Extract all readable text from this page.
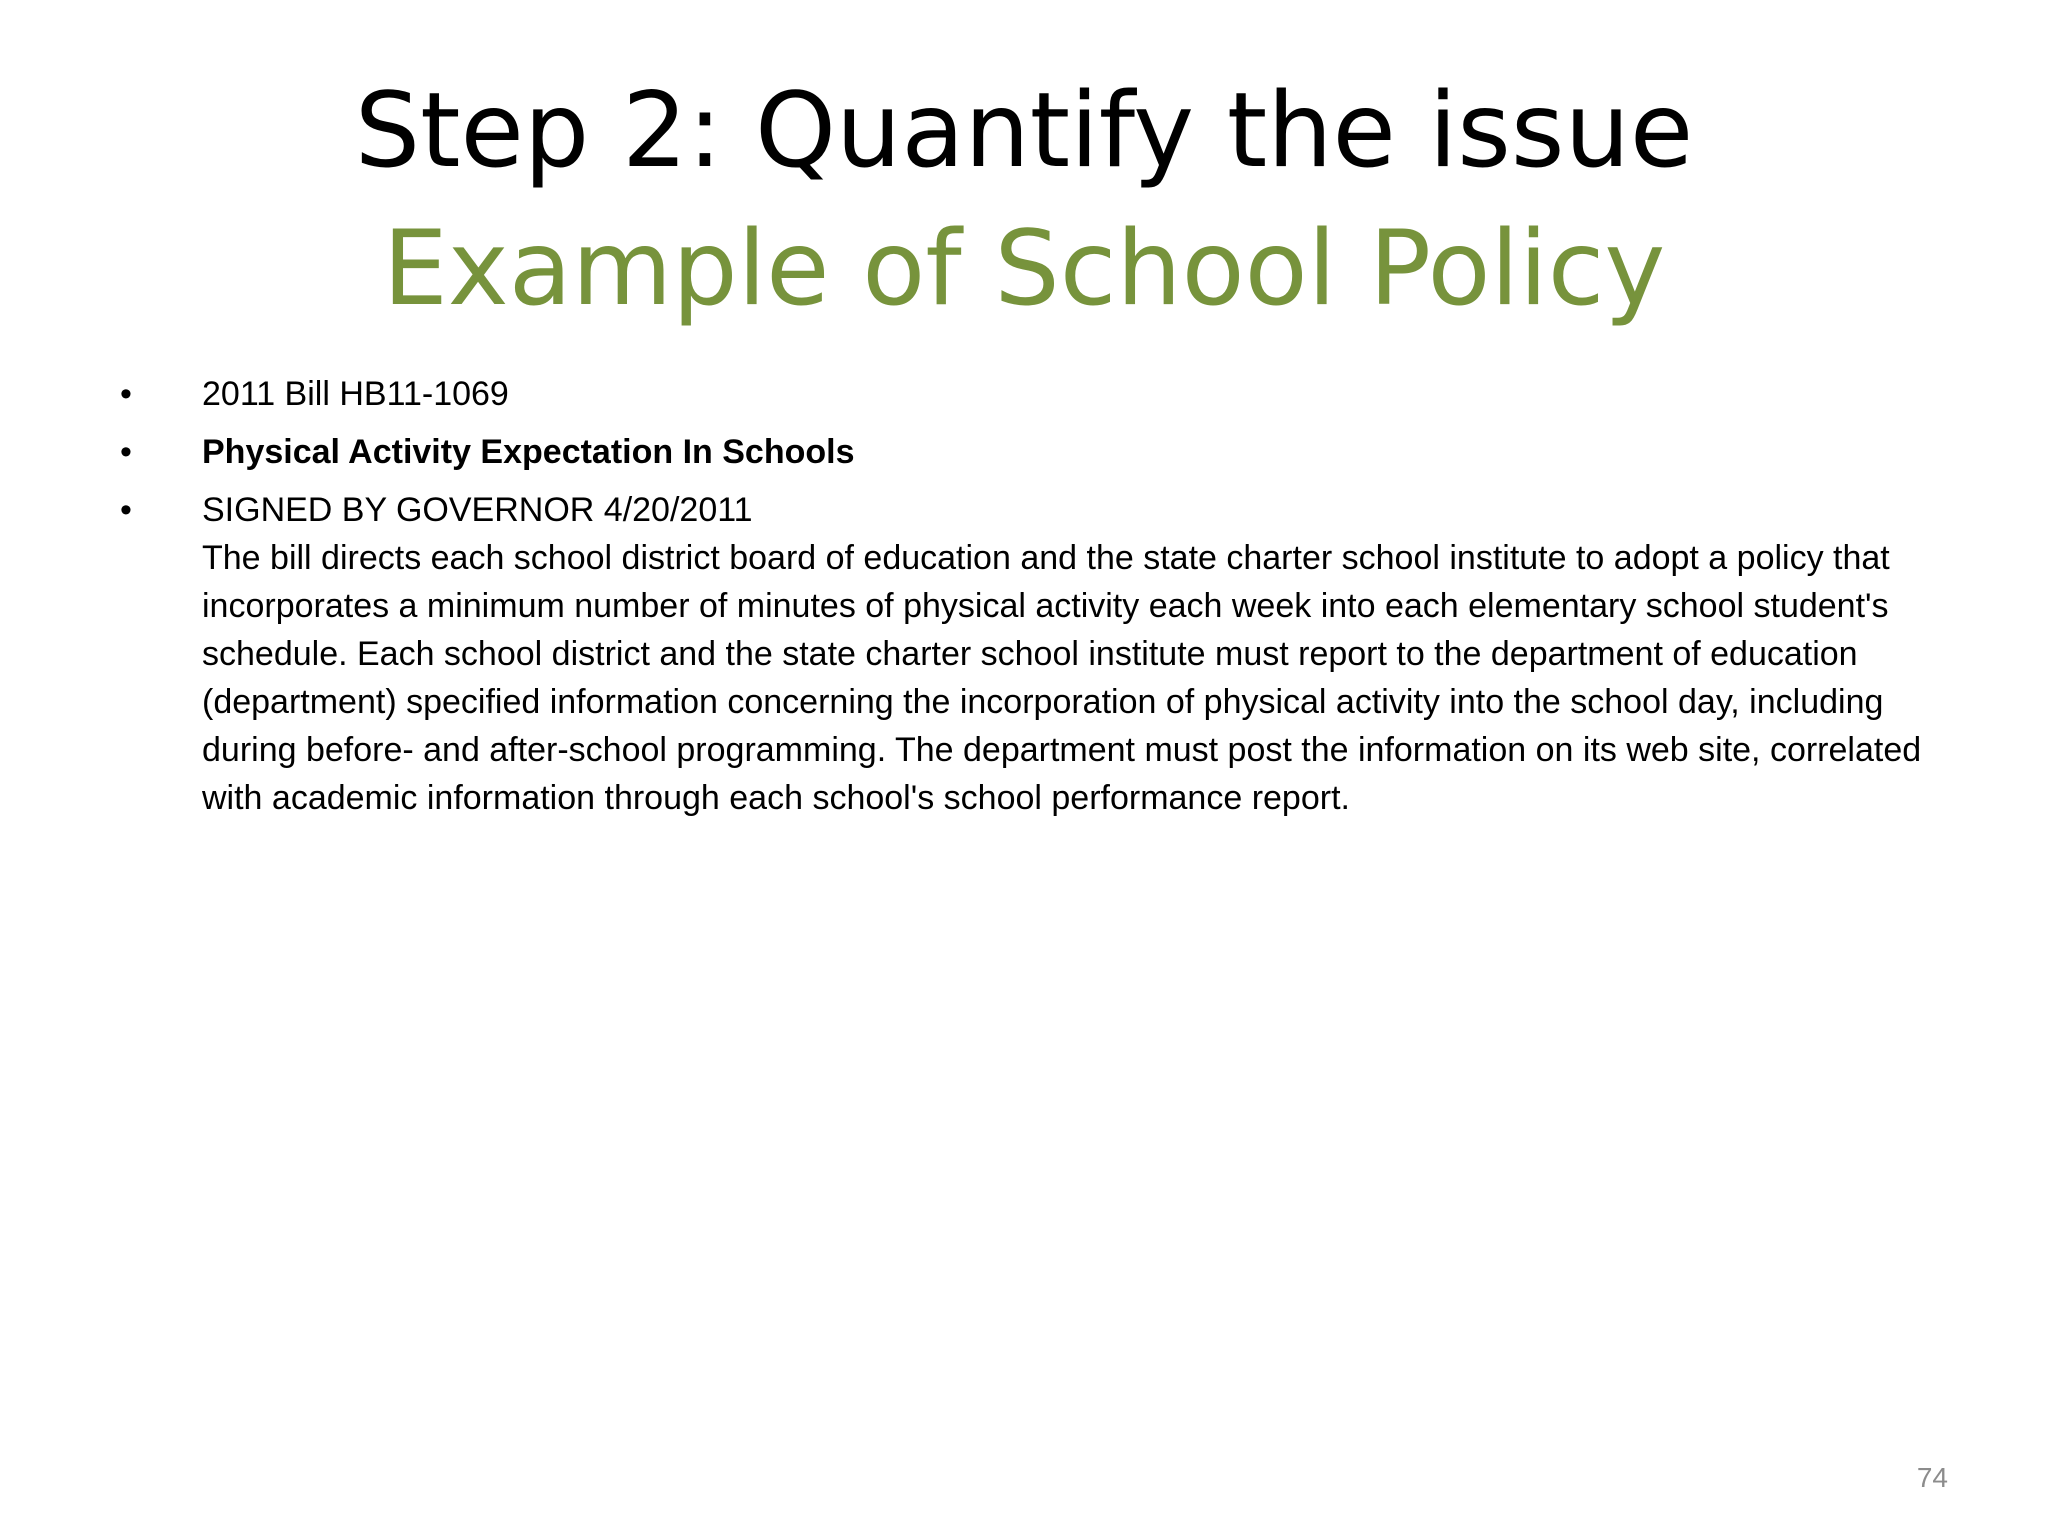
Step 2: Quantify the issue
Example of School Policy
• 2011 Bill HB11-1069
• Physical Activity Expectation In Schools
• SIGNED BY GOVERNOR 4/20/2011
The bill directs each school district board of education and the state charter school institute to adopt a policy that incorporates a minimum number of minutes of physical activity each week into each elementary school student's schedule. Each school district and the state charter school institute must report to the department of education (department) specified information concerning the incorporation of physical activity into the school day, including during before- and after-school programming. The department must post the information on its web site, correlated with academic information through each school's school performance report.
74
